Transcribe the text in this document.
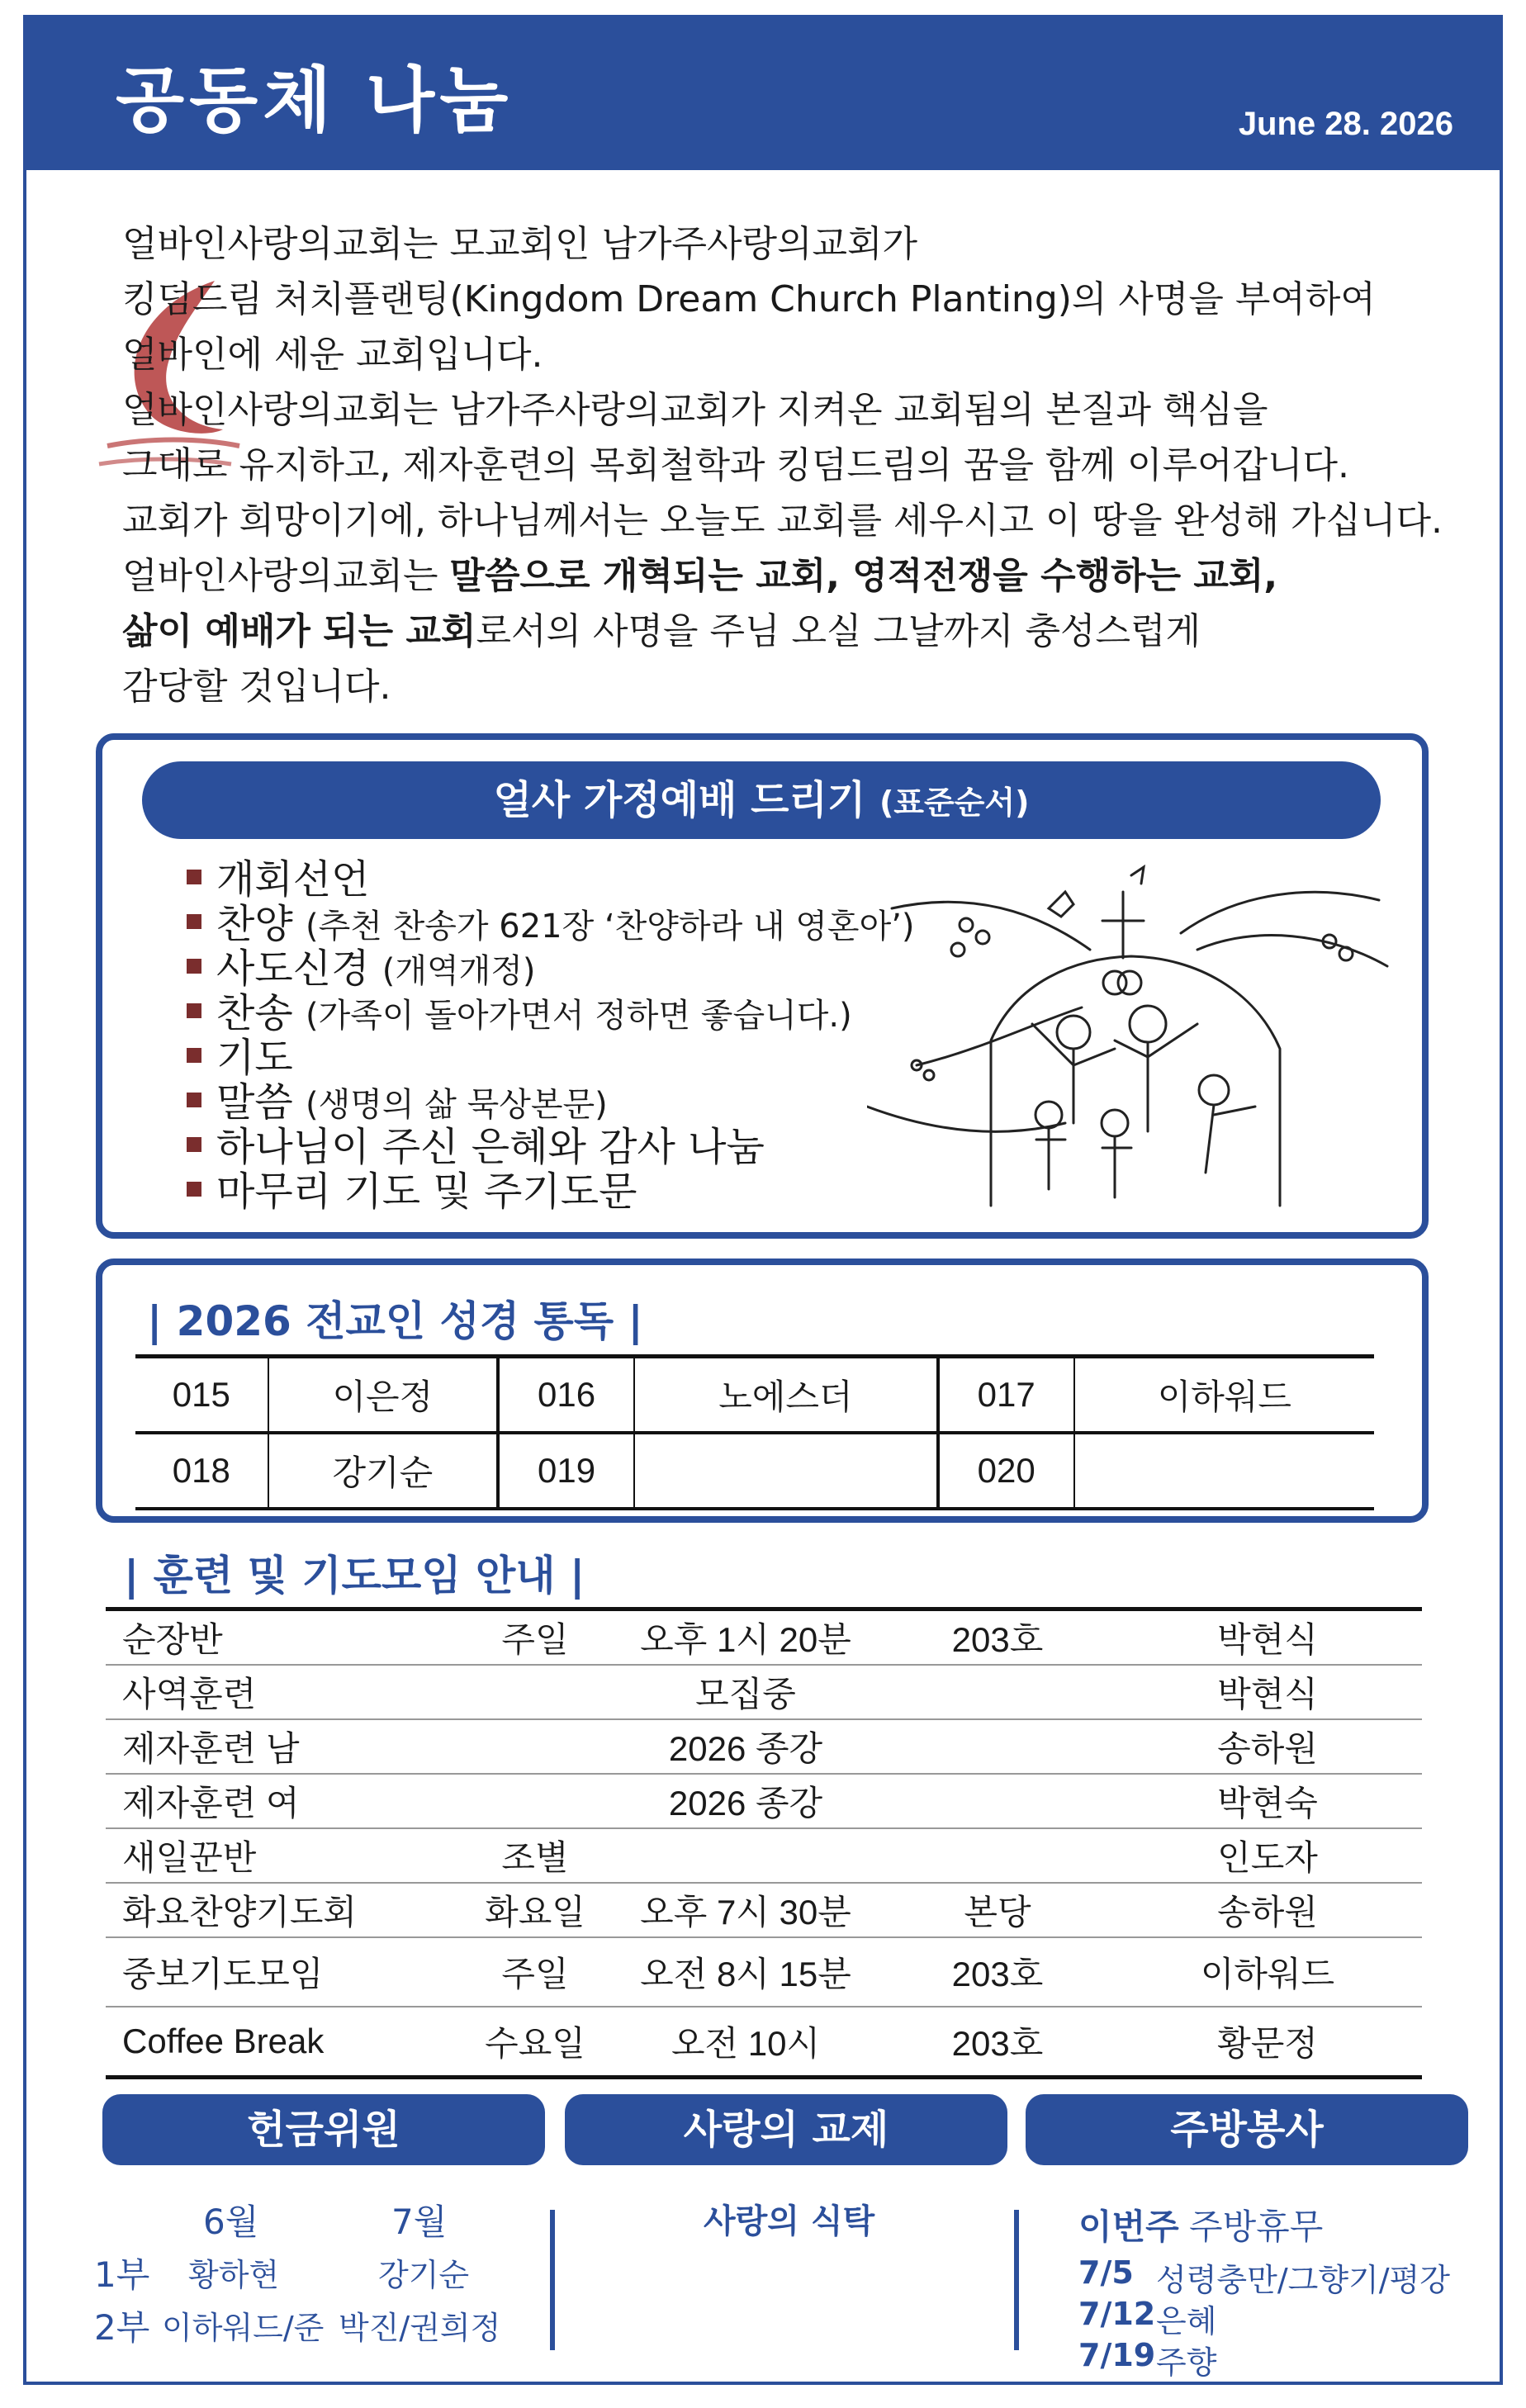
공동체 나눔	June 28. 2026

얼바인사랑의교회는 모교회인 남가주사랑의교회가

킹덤드림 처치플랜팅(Kingdom Dream Church Planting)의 사명을 부여하여

얼바인에 세운 교회입니다.

얼바인사랑의교회는 남가주사랑의교회가 지켜온 교회됨의 본질과 핵심을

그대로 유지하고, 제자훈련의 목회철학과 킹덤드림의 꿈을 함께 이루어갑니다.

교회가 희망이기에, 하나님께서는 오늘도 교회를 세우시고 이 땅을 완성해 가십니다.

얼바인사랑의교회는 말씀으로 개혁되는 교회, 영적전쟁을 수행하는 교회,

삶이 예배가 되는 교회로서의 사명을 주님 오실 그날까지 충성스럽게

감당할 것입니다.

얼사 가정예배 드리기 (표준순서)
개회선언
찬양 (추천 찬송가 621장 ‘찬양하라 내 영혼아’)
사도신경 (개역개정)
찬송 (가족이 돌아가면서 정하면 좋습니다.)
기도
말씀 (생명의 삶 묵상본문)
하나님이 주신 은혜와 감사 나눔
마무리 기도 및 주기도문
| 2026 전교인 성경 통독 |
015	이은정	016	노에스더	017	이하워드
018	강기순	019		020	
| 훈련 및 기도모임 안내 |
순장반	주일	오후 1시 20분	203호	박현식
사역훈련		모집중		박현식
제자훈련 남		2026 종강		송하원
제자훈련 여		2026 종강		박현숙
새일꾼반	조별			인도자
화요찬양기도회	화요일	오후 7시 30분	본당	송하원
중보기도모임	주일	오전 8시 15분	203호	이하워드
Coffee Break	수요일	오전 10시	203호	황문정
헌금위원	사랑의 교제	주방봉사
6월	7월
1부 황하현	강기순
2부 이하워드/준 박진/권희정
사랑의 식탁	이번주 주방휴무
7/5 성령충만/그향기/평강
7/12 은혜
7/19 주향
